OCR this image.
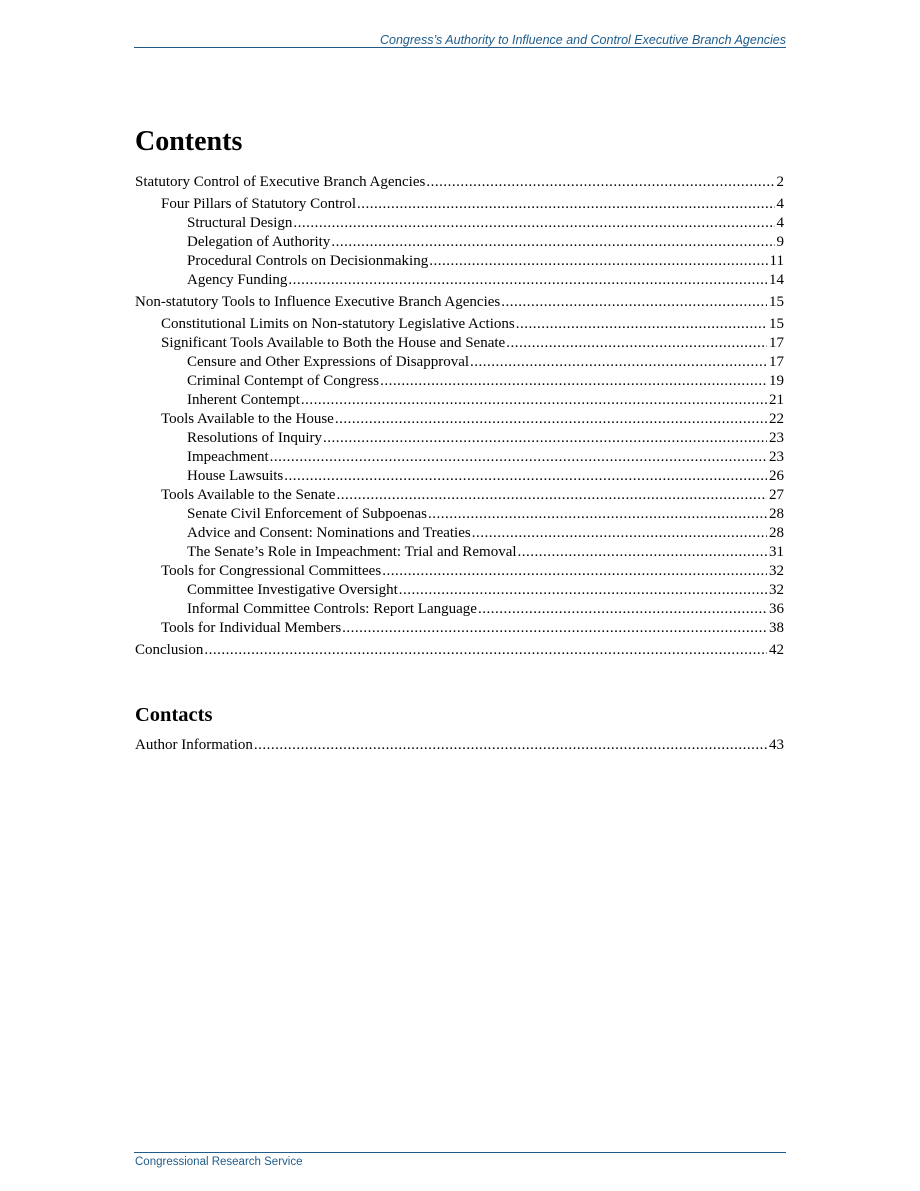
Congress’s Authority to Influence and Control Executive Branch Agencies
Contents
Statutory Control of Executive Branch Agencies .....	2
Four Pillars of Statutory Control .....	4
Structural Design .....	4
Delegation of Authority .....	9
Procedural Controls on Decisionmaking .....	11
Agency Funding .....	14
Non-statutory Tools to Influence Executive Branch Agencies .....	15
Constitutional Limits on Non-statutory Legislative Actions .....	15
Significant Tools Available to Both the House and Senate .....	17
Censure and Other Expressions of Disapproval .....	17
Criminal Contempt of Congress .....	19
Inherent Contempt .....	21
Tools Available to the House .....	22
Resolutions of Inquiry .....	23
Impeachment .....	23
House Lawsuits .....	26
Tools Available to the Senate .....	27
Senate Civil Enforcement of Subpoenas .....	28
Advice and Consent: Nominations and Treaties .....	28
The Senate’s Role in Impeachment: Trial and Removal .....	31
Tools for Congressional Committees .....	32
Committee Investigative Oversight .....	32
Informal Committee Controls: Report Language .....	36
Tools for Individual Members .....	38
Conclusion .....	42
Contacts
Author Information .....	43
Congressional Research Service
